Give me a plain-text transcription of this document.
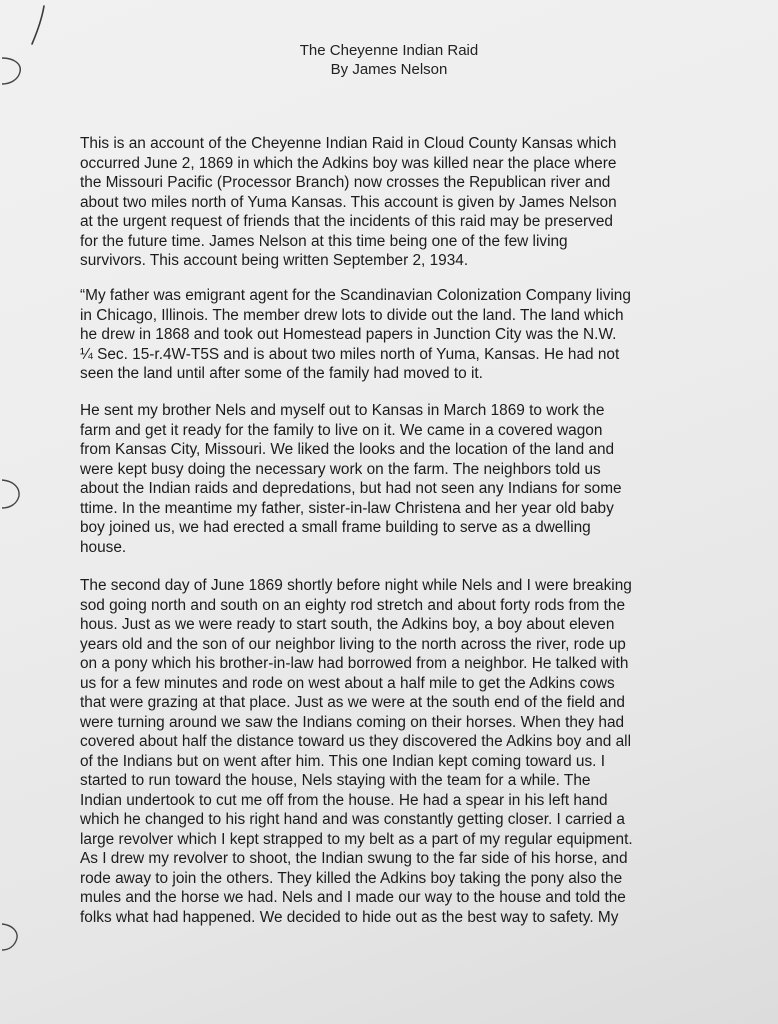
The Cheyenne Indian Raid
By James Nelson
This is an account of the Cheyenne Indian Raid in Cloud County Kansas which
occurred June 2, 1869 in which the Adkins boy was killed near the place where
the Missouri Pacific (Processor Branch) now crosses the Republican river and
about two miles north of Yuma Kansas. This account is given by James Nelson
at the urgent request of friends that the incidents of this raid may be preserved
for the future time. James Nelson at this time being one of the few living
survivors. This account being written September 2, 1934.
“My father was emigrant agent for the Scandinavian Colonization Company living
in Chicago, Illinois. The member drew lots to divide out the land. The land which
he drew in 1868 and took out Homestead papers in Junction City was the N.W.
¼ Sec. 15-r.4W-T5S and is about two miles north of Yuma, Kansas. He had not
seen the land until after some of the family had moved to it.
He sent my brother Nels and myself out to Kansas in March 1869 to work the
farm and get it ready for the family to live on it. We came in a covered wagon
from Kansas City, Missouri. We liked the looks and the location of the land and
were kept busy doing the necessary work on the farm. The neighbors told us
about the Indian raids and depredations, but had not seen any Indians for some
ttime. In the meantime my father, sister-in-law Christena and her year old baby
boy joined us, we had erected a small frame building to serve as a dwelling
house.
The second day of June 1869 shortly before night while Nels and I were breaking
sod going north and south on an eighty rod stretch and about forty rods from the
hous. Just as we were ready to start south, the Adkins boy, a boy about eleven
years old and the son of our neighbor living to the north across the river, rode up
on a pony which his brother-in-law had borrowed from a neighbor. He talked with
us for a few minutes and rode on west about a half mile to get the Adkins cows
that were grazing at that place. Just as we were at the south end of the field and
were turning around we saw the Indians coming on their horses. When they had
covered about half the distance toward us they discovered the Adkins boy and all
of the Indians but on went after him. This one Indian kept coming toward us. I
started to run toward the house, Nels staying with the team for a while. The
Indian undertook to cut me off from the house. He had a spear in his left hand
which he changed to his right hand and was constantly getting closer. I carried a
large revolver which I kept strapped to my belt as a part of my regular equipment.
As I drew my revolver to shoot, the Indian swung to the far side of his horse, and
rode away to join the others. They killed the Adkins boy taking the pony also the
mules and the horse we had. Nels and I made our way to the house and told the
folks what had happened. We decided to hide out as the best way to safety. My
